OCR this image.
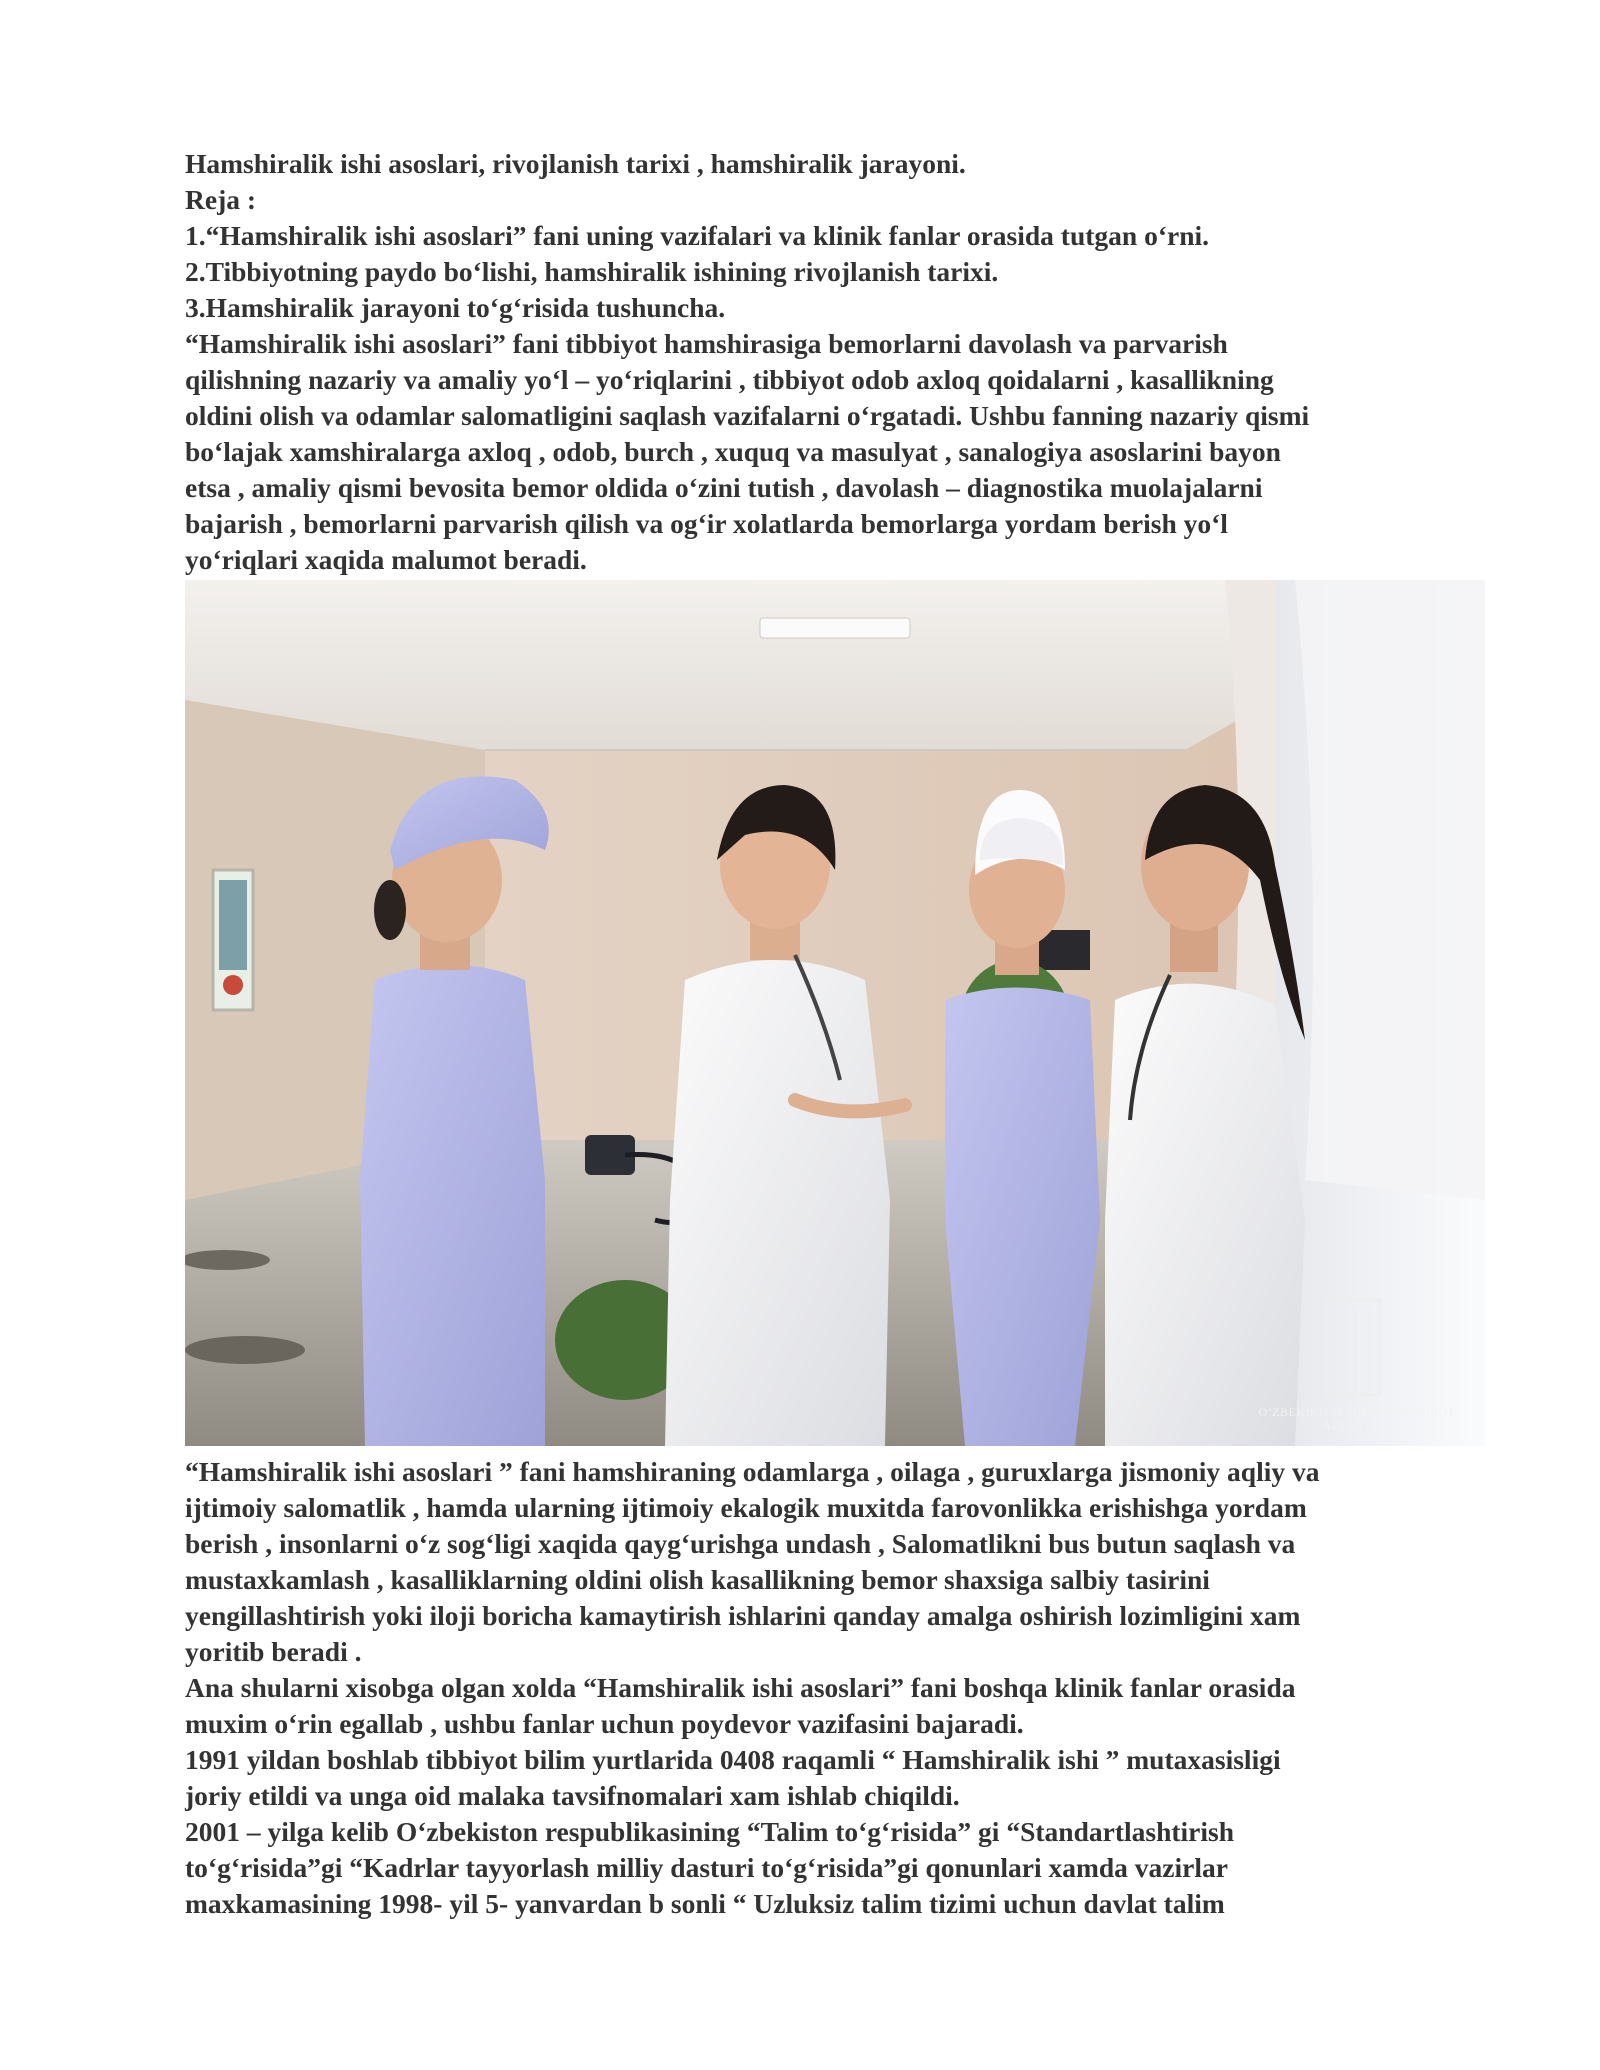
Hamshiralik ishi asoslari, rivojlanish tarixi , hamshiralik jarayoni.
Reja :
1.“Hamshiralik ishi asoslari” fani uning vazifalari va klinik fanlar orasida tutgan oʻrni.
2.Tibbiyotning paydo boʻlishi, hamshiralik ishining rivojlanish tarixi.
3.Hamshiralik jarayoni toʻgʻrisida tushuncha.
“Hamshiralik ishi asoslari” fani tibbiyot hamshirasiga bemorlarni davolash va parvarish
qilishning nazariy va amaliy yoʻl – yoʻriqlarini , tibbiyot odob axloq qoidalarni , kasallikning
oldini olish va odamlar salomatligini saqlash vazifalarni oʻrgatadi. Ushbu fanning nazariy qismi
boʻlajak xamshiralarga axloq , odob, burch , xuquq va masulyat , sanalogiya asoslarini bayon
etsa , amaliy qismi bevosita bemor oldida oʻzini tutish , davolash – diagnostika muolajalarni
bajarish , bemorlarni parvarish qilish va ogʻir xolatlarda bemorlarga yordam berish yoʻl
yoʻriqlari xaqida malumot beradi.
OʻZBEKISTON MILLIY AXBOROT
AGENTLIGI
“Hamshiralik ishi asoslari ” fani hamshiraning odamlarga , oilaga , guruxlarga jismoniy aqliy va
ijtimoiy salomatlik , hamda ularning ijtimoiy ekalogik muxitda farovonlikka erishishga yordam
berish , insonlarni oʻz sogʻligi xaqida qaygʻurishga undash , Salomatlikni bus butun saqlash va
mustaxkamlash , kasalliklarning oldini olish kasallikning bemor shaxsiga salbiy tasirini
yengillashtirish yoki iloji boricha kamaytirish ishlarini qanday amalga oshirish lozimligini xam
yoritib beradi .
Ana shularni xisobga olgan xolda “Hamshiralik ishi asoslari” fani boshqa klinik fanlar orasida
muxim oʻrin egallab , ushbu fanlar uchun poydevor vazifasini bajaradi.
1991 yildan boshlab tibbiyot bilim yurtlarida 0408 raqamli “ Hamshiralik ishi ” mutaxasisligi
joriy etildi va unga oid malaka tavsifnomalari xam ishlab chiqildi.
2001 – yilga kelib Oʻzbekiston respublikasining “Talim toʻgʻrisida” gi “Standartlashtirish
toʻgʻrisida”gi “Kadrlar tayyorlash milliy dasturi toʻgʻrisida”gi qonunlari xamda vazirlar
maxkamasining 1998- yil 5- yanvardan b sonli “ Uzluksiz talim tizimi uchun davlat talim
